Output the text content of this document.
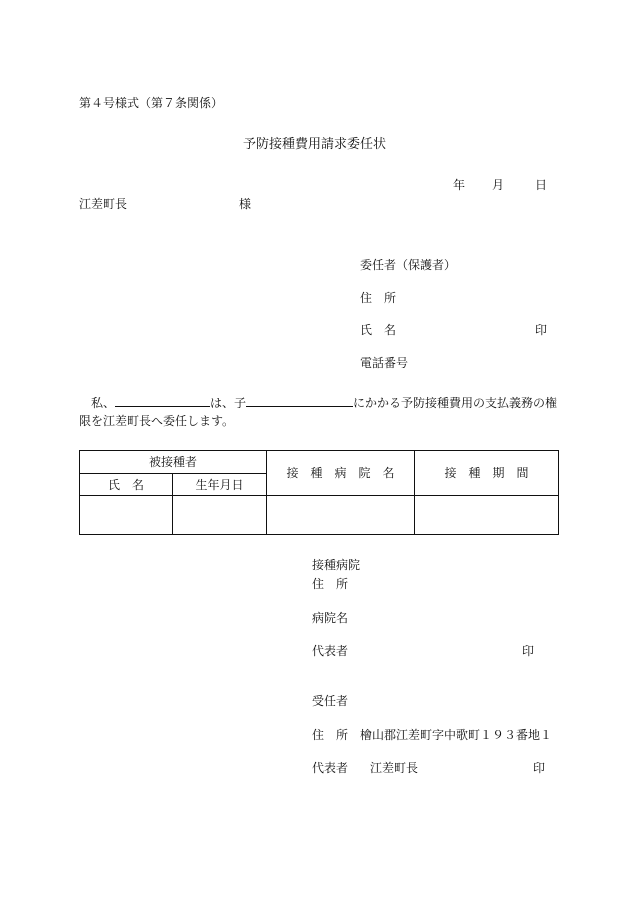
第４号様式（第７条関係）
予防接種費用請求委任状
年 月	日
江差町長	様
委任者（保護者）
住　所
氏　名	印
電話番号
私、	は、子	にかかる予防接種費用の支払義務の権
限を江差町長へ委任します。
被接種者		接　種　病　院　名	接　種　期　間
氏　名	生年月日		

接種病院
住　所
病院名
代表者	印
受任者
住　所 檜山郡江差町字中歌町１９３番地１
代表者 江差町長	印
